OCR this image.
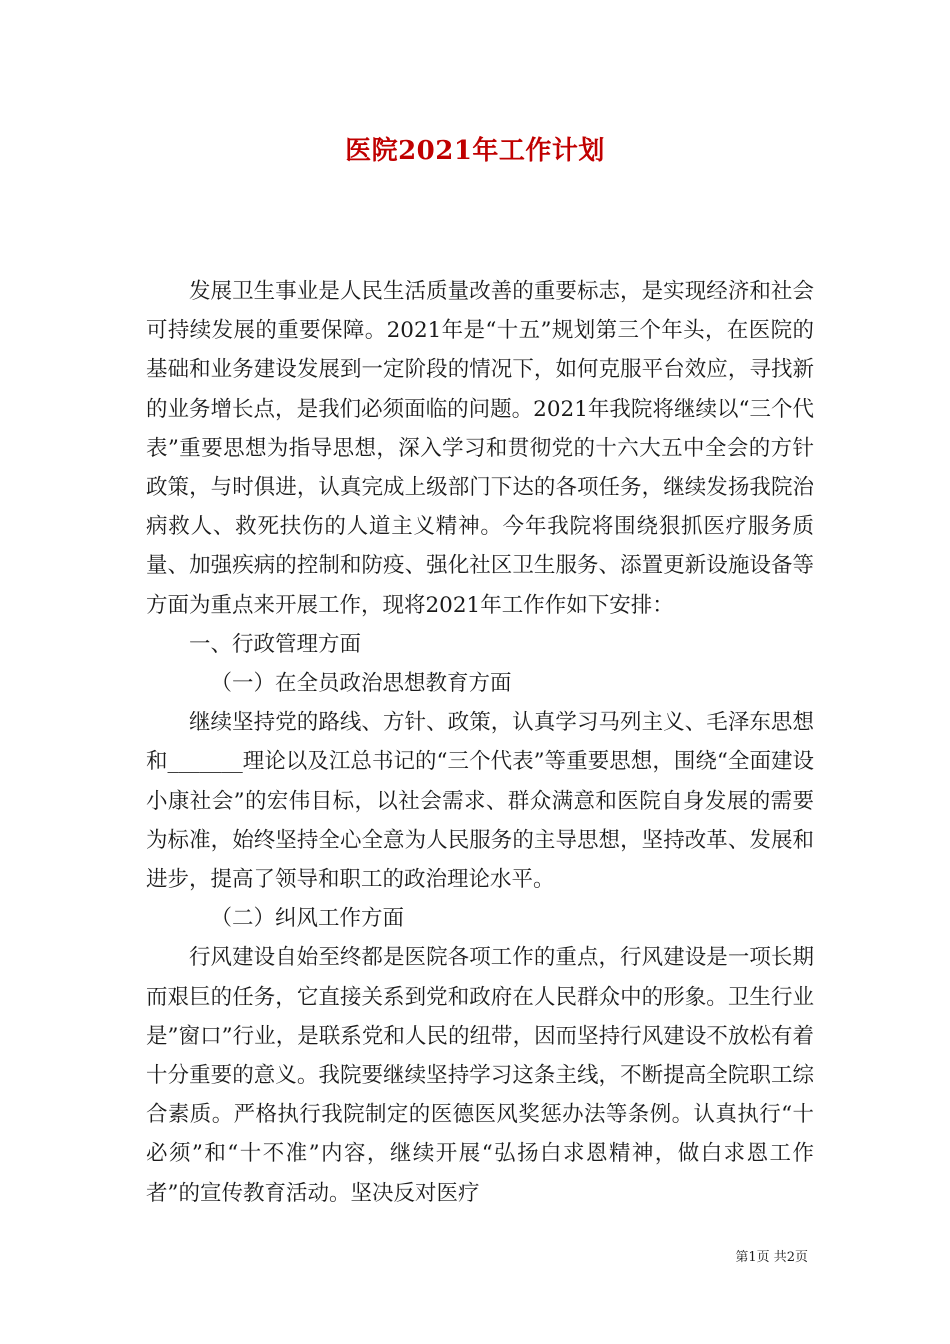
医院2021年工作计划

发展卫生事业是人民生活质量改善的重要标志，是实现经济和社会可持续发展的重要保障。2021年是“十五”规划第三个年头，在医院的基础和业务建设发展到一定阶段的情况下，如何克服平台效应，寻找新的业务增长点，是我们必须面临的问题。2021年我院将继续以“三个代表”重要思想为指导思想，深入学习和贯彻党的十六大五中全会的方针政策，与时俱进，认真完成上级部门下达的各项任务，继续发扬我院治病救人、救死扶伤的人道主义精神。今年我院将围绕狠抓医疗服务质量、加强疾病的控制和防疫、强化社区卫生服务、添置更新设施设备等方面为重点来开展工作，现将2021年工作作如下安排：

一、行政管理方面

（一）在全员政治思想教育方面

继续坚持党的路线、方针、政策，认真学习马列主义、毛泽东思想和_______理论以及江总书记的“三个代表”等重要思想，围绕“全面建设小康社会”的宏伟目标，以社会需求、群众满意和医院自身发展的需要为标准，始终坚持全心全意为人民服务的主导思想，坚持改革、发展和进步，提高了领导和职工的政治理论水平。

（二）纠风工作方面

行风建设自始至终都是医院各项工作的重点，行风建设是一项长期而艰巨的任务，它直接关系到党和政府在人民群众中的形象。卫生行业是”窗口”行业，是联系党和人民的纽带，因而坚持行风建设不放松有着十分重要的意义。我院要继续坚持学习这条主线，不断提高全院职工综合素质。严格执行我院制定的医德医风奖惩办法等条例。认真执行“十必须”和“十不准”内容，继续开展“弘扬白求恩精神，做白求恩工作者”的宣传教育活动。坚决反对医疗

第1页 共2页
